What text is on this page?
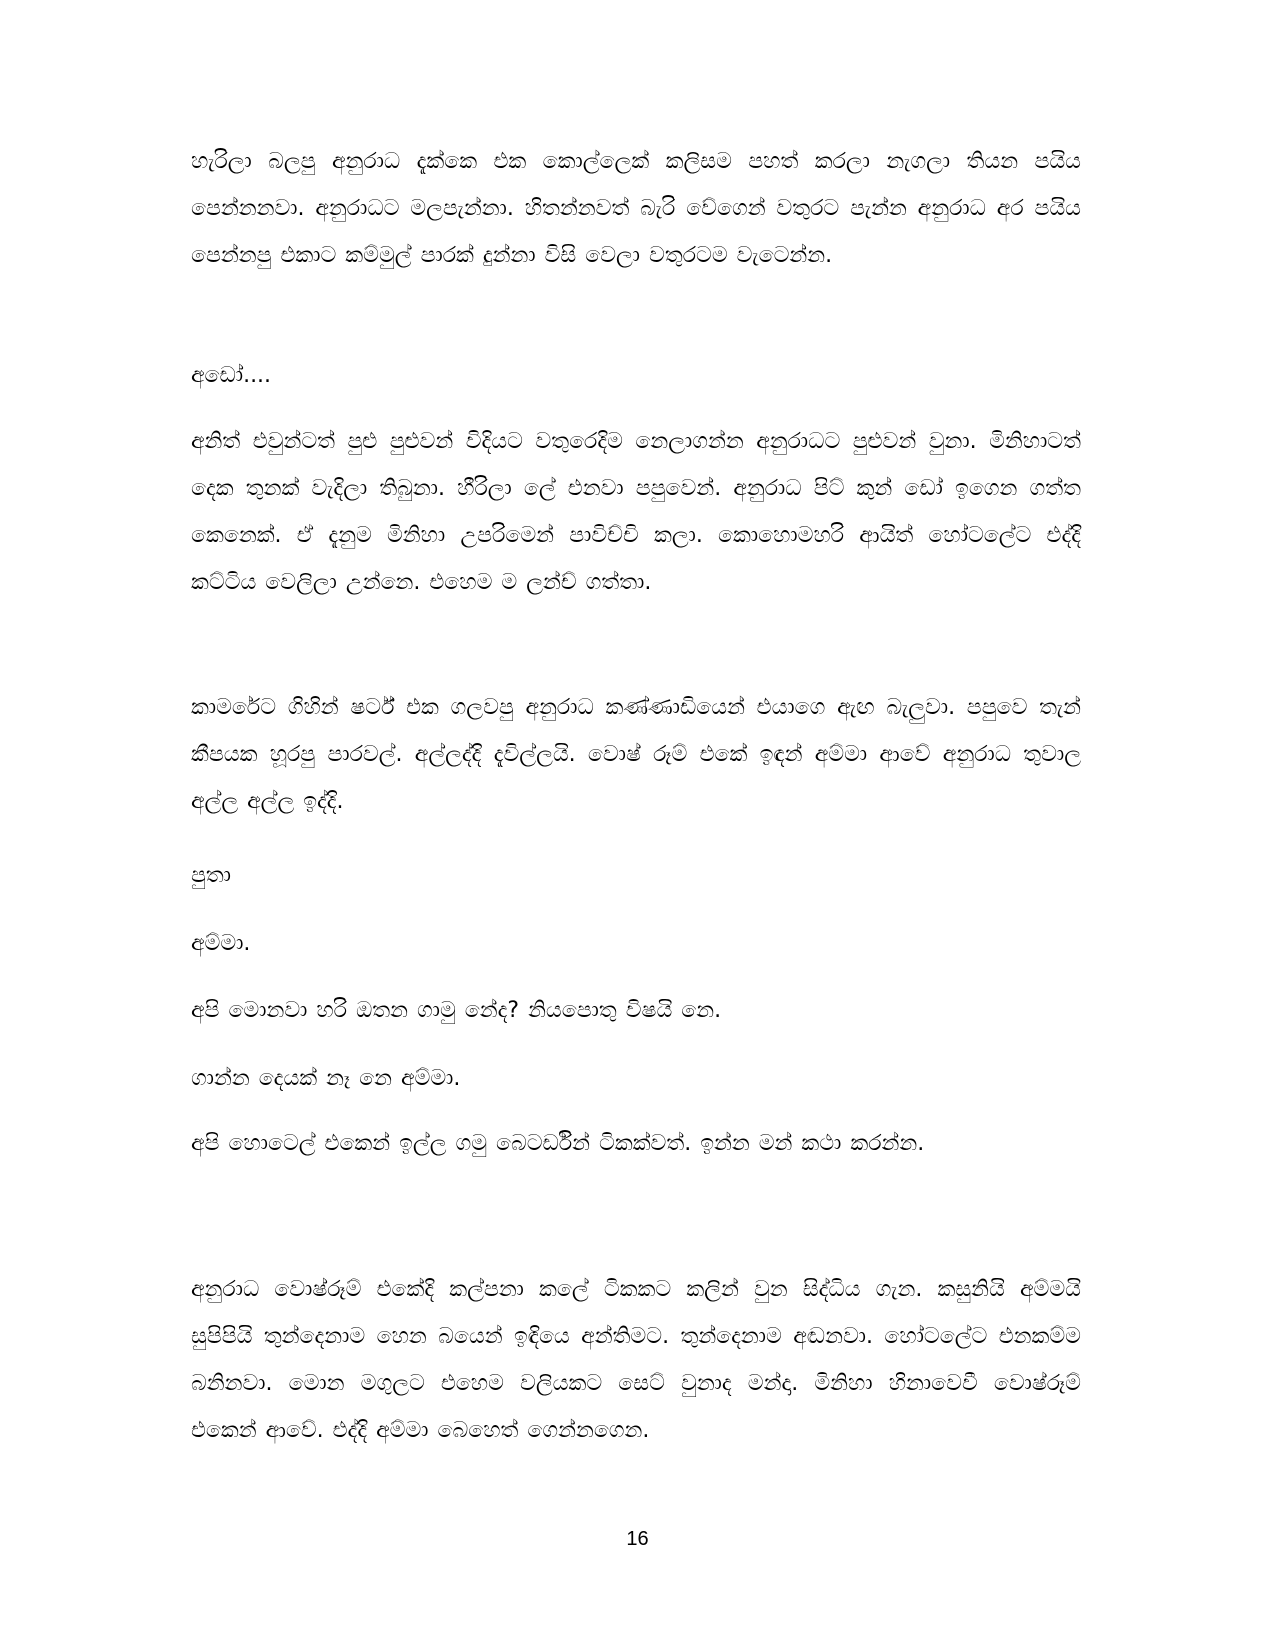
හැරිලා බලපු අනුරාධ දැක්කෙ එක කොල්ලෙක් කලිසම පහත් කරලා නැගලා තියන පයිය පෙන්නනවා. අනුරාධට මලපැන්නා. හිතන්නවත් බැරි වේගෙන් වතුරට පැන්න අනුරාධ අර පයිය පෙන්නපු එකාට කම්මුල් පාරක් දුන්නා විසි වෙලා වතුරටම වැටෙන්න.

අඩෝ....

අනිත් එවුන්ටත් පුළු පුළුවන් විදියට වතුරෙදිම නෙලාගන්න අනුරාධට පුළුවන් වුනා. මිනිහාටත් දෙක තුනක් වැදිලා තිබුනා. හීරිලා ලේ එනවා පපුවෙන්. අනුරාධ පිට් කුන් ඩෝ ඉගෙන ගත්ත කෙනෙක්. ඒ දැනුම මිනිහා උපරිමෙන් පාවිච්චි කලා. කොහොමහරි ආයිත් හෝටලේට එද්දි කට්ටිය වෙලිලා උන්නෙ. එහෙම ම ලන්ච් ගත්තා.

කාමරේට ගිහින් ෂර්ට් එක ගලවපු අනුරාධ කණ්ණාඩියෙන් එයාගෙ ඇඟ බැලුවා. පපුවෙ තැන් කීපයක හූරපු පාරවල්. අල්ලද්දි දැවිල්ලයි. වොෂ් රූම් එකේ ඉඳන් අම්මා ආවේ අනුරාධ තුවාල අල්ල අල්ල ඉද්දි.

පුතා

අම්මා.

අපි මොනවා හරි ඔතන ගාමු නේද? නියපොතු විෂයි නෙ.

ගාන්න දෙයක් නෑ නෙ අම්මා.

අපි හොටෙල් එකෙන් ඉල්ල ගමු බෙටර්ඩින් ටිකක්වත්. ඉන්න මන් කථා කරන්න.

අනුරාධ වොෂ්රූම් එකේදි කල්පනා කලේ ටිකකට කලින් වුන සිද්ධිය ගැන. කසුනියි අම්මයි සුපිපියි තුන්දෙනාම හෙන බයෙන් ඉඳියෙ අන්තිමට. තුන්දෙනාම අඬනවා. හෝටලේට එනකම්ම බනිනවා. මොන මගුලට එහෙම වලියකට සෙට් වුනාද මන්දා. මිනිහා හිනාවෙවී වොෂ්රූම් එකෙන් ආවේ. එද්දි අම්මා බෙහෙත් ගෙන්නගෙන.

16
